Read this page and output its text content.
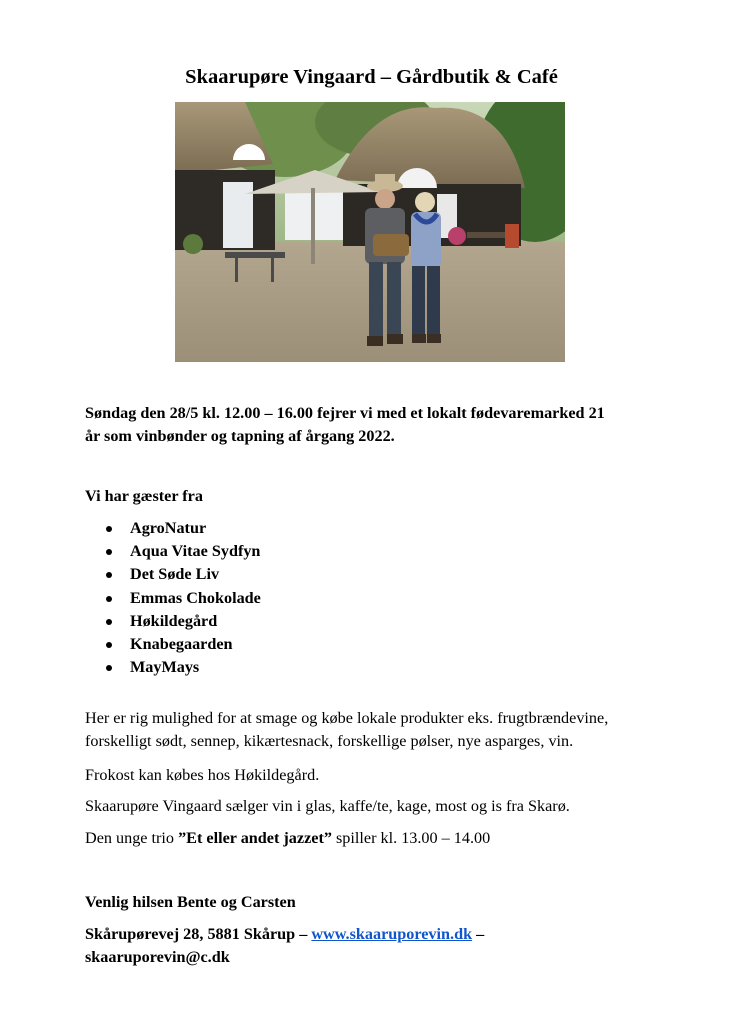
Skaarupøre Vingaard – Gårdbutik & Café

Søndag den 28/5 kl. 12.00 – 16.00 fejrer vi med et lokalt fødevaremarked 21

år som vinbønder og tapning af årgang 2022.

Vi har gæster fra

AgroNatur
Aqua Vitae Sydfyn
Det Søde Liv
Emmas Chokolade
Høkildegård
Knabegaarden
MayMays

Her er rig mulighed for at smage og købe lokale produkter eks. frugtbrændevine,

forskelligt sødt, sennep, kikærtesnack, forskellige pølser, nye asparges, vin.

Frokost kan købes hos Høkildegård.

Skaarupøre Vingaard sælger vin i glas, kaffe/te, kage, most og is fra Skarø.

Den unge trio ”Et eller andet jazzet” spiller kl. 13.00 – 14.00

Venlig hilsen Bente og Carsten

Skårupørevej 28, 5881 Skårup – www.skaaruporevin.dk –

skaaruporevin@c.dk
